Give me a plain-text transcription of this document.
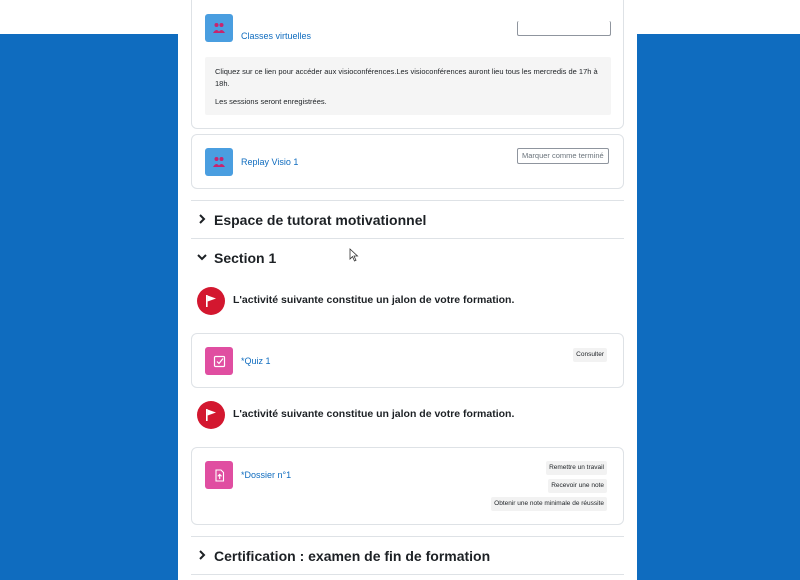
Classes virtuelles

Cliquez sur ce lien pour accéder aux visioconférences.Les visioconférences auront lieu tous les mercredis de 17h à 18h.

Les sessions seront enregistrées.

Replay Visio 1
Marquer comme terminé
Espace de tutorat motivationnel
Section 1
L'activité suivante constitue un jalon de votre formation.
*Quiz 1
Consulter
L'activité suivante constitue un jalon de votre formation.
*Dossier n°1
Remettre un travail
Recevoir une note
Obtenir une note minimale de réussite
Certification : examen de fin de formation
